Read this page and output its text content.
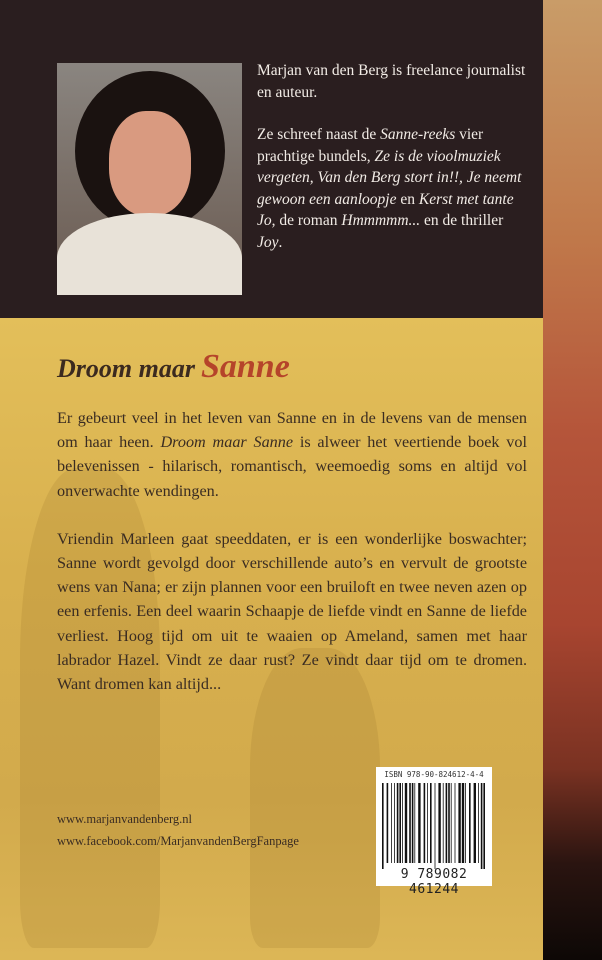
Marjan van den Berg is freelance journalist en auteur.

Ze schreef naast de Sanne-reeks vier prachtige bundels, Ze is de vioolmuziek vergeten, Van den Berg stort in!!, Je neemt gewoon een aanloopje en Kerst met tante Jo, de roman Hmmmmm... en de thriller Joy.

Droom maar Sanne

Er gebeurt veel in het leven van Sanne en in de levens van de mensen om haar heen. Droom maar Sanne is alweer het veertiende boek vol belevenissen - hilarisch, romantisch, weemoedig soms en altijd vol onverwachte wendingen.

Vriendin Marleen gaat speeddaten, er is een wonderlijke boswachter; Sanne wordt gevolgd door verschillende auto’s en vervult de grootste wens van Nana; er zijn plannen voor een bruiloft en twee neven azen op een erfenis. Een deel waarin Schaapje de liefde vindt en Sanne de liefde verliest. Hoog tijd om uit te waaien op Ameland, samen met haar labrador Hazel. Vindt ze daar rust? Ze vindt daar tijd om te dromen. Want dromen kan altijd...

www.marjanvandenberg.nl
www.facebook.com/MarjanvandenBergFanpage
ISBN 978-90-824612-4-4
9 789082 461244
